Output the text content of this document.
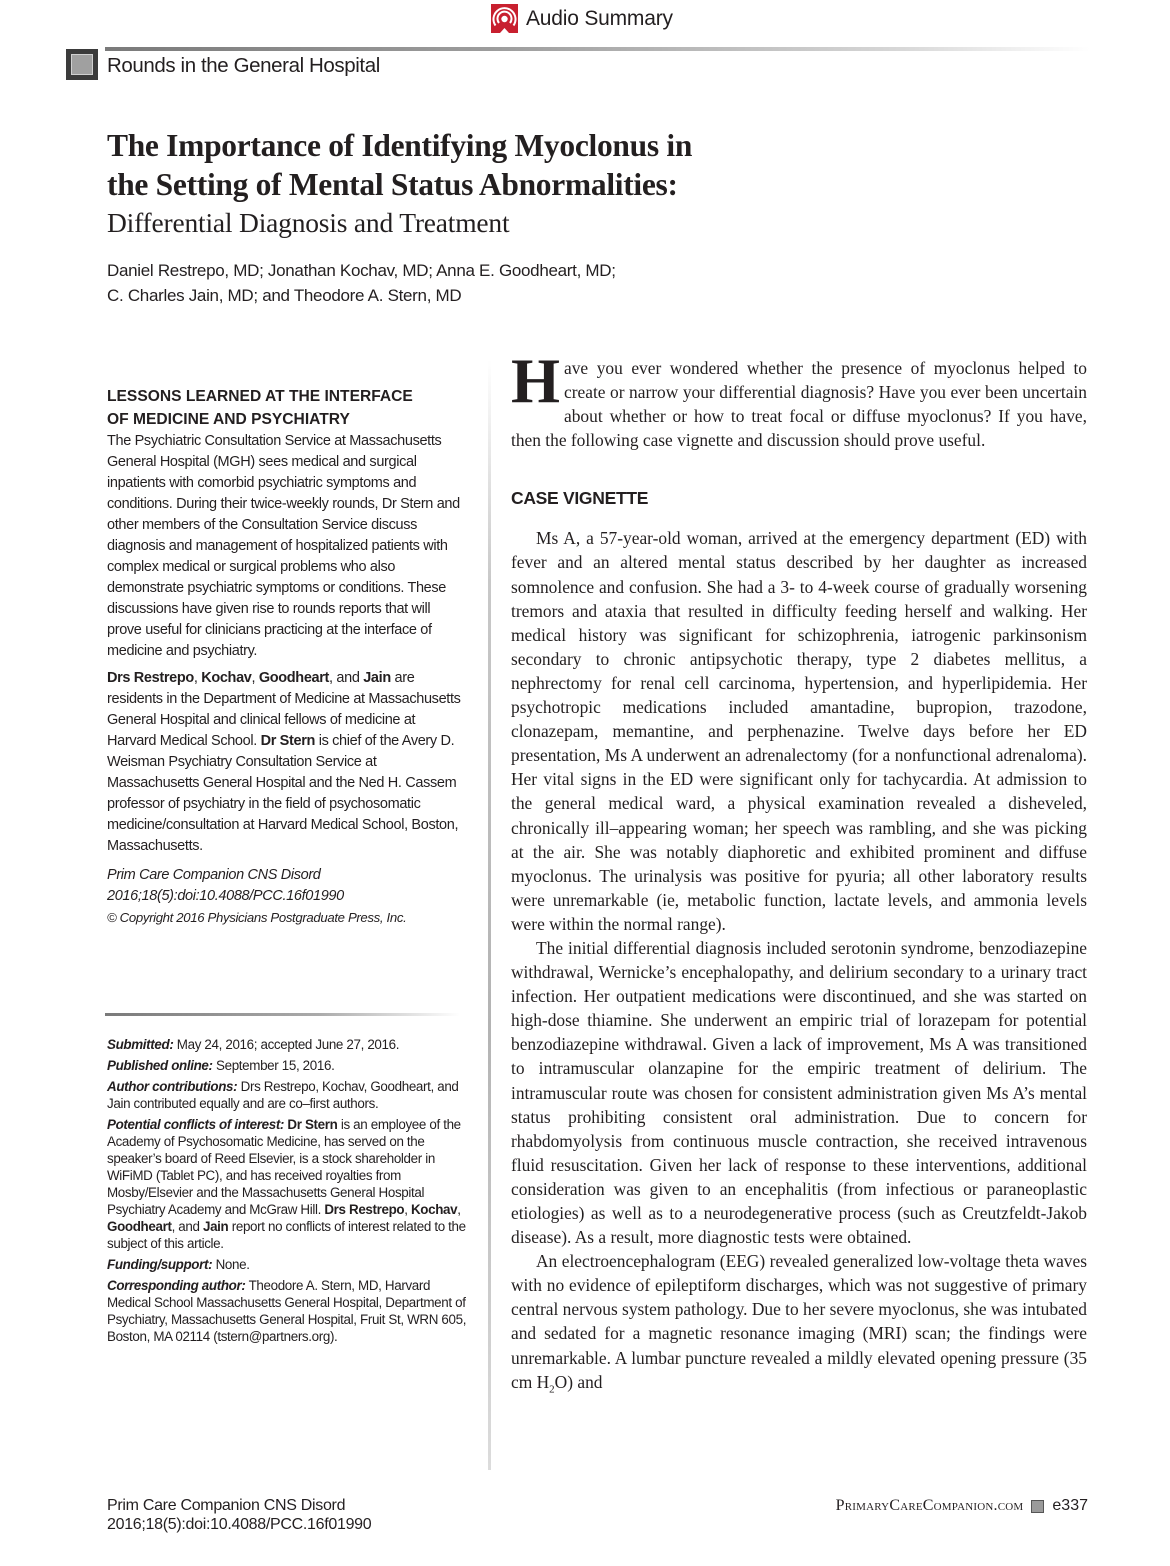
Audio Summary
Rounds in the General Hospital
The Importance of Identifying Myoclonus in
the Setting of Mental Status Abnormalities:
Differential Diagnosis and Treatment
Daniel Restrepo, MD; Jonathan Kochav, MD; Anna E. Goodheart, MD;
C. Charles Jain, MD; and Theodore A. Stern, MD
LESSONS LEARNED AT THE INTERFACE
OF MEDICINE AND PSYCHIATRY

The Psychiatric Consultation Service at Massachusetts General Hospital (MGH) sees medical and surgical inpatients with comorbid psychiatric symptoms and conditions. During their twice-weekly rounds, Dr Stern and other members of the Consultation Service discuss diagnosis and management of hospitalized patients with complex medical or surgical problems who also demonstrate psychiatric symptoms or conditions. These discussions have given rise to rounds reports that will prove useful for clinicians practicing at the interface of medicine and psychiatry.

Drs Restrepo, Kochav, Goodheart, and Jain are residents in the Department of Medicine at Massachusetts General Hospital and clinical fellows of medicine at Harvard Medical School. Dr Stern is chief of the Avery D. Weisman Psychiatry Consultation Service at Massachusetts General Hospital and the Ned H. Cassem professor of psychiatry in the field of psychosomatic medicine/consultation at Harvard Medical School, Boston, Massachusetts.

Prim Care Companion CNS Disord
2016;18(5):doi:10.4088/PCC.16f01990
© Copyright 2016 Physicians Postgraduate Press, Inc.

Submitted: May 24, 2016; accepted June 27, 2016.

Published online: September 15, 2016.

Author contributions: Drs Restrepo, Kochav, Goodheart, and Jain contributed equally and are co–first authors.

Potential conflicts of interest: Dr Stern is an employee of the Academy of Psychosomatic Medicine, has served on the speaker’s board of Reed Elsevier, is a stock shareholder in WiFiMD (Tablet PC), and has received royalties from Mosby/Elsevier and the Massachusetts General Hospital Psychiatry Academy and McGraw Hill. Drs Restrepo, Kochav, Goodheart, and Jain report no conflicts of interest related to the subject of this article.

Funding/support: None.

Corresponding author: Theodore A. Stern, MD, Harvard Medical School Massachusetts General Hospital, Department of Psychiatry, Massachusetts General Hospital, Fruit St, WRN 605, Boston, MA 02114 (tstern@partners.org).

Have you ever wondered whether the presence of myoclonus helped to create or narrow your differential diagnosis? Have you ever been uncertain about whether or how to treat focal or diffuse myoclonus? If you have, then the following case vignette and discussion should prove useful.

CASE VIGNETTE

Ms A, a 57-year-old woman, arrived at the emergency department (ED) with fever and an altered mental status described by her daughter as increased somnolence and confusion. She had a 3- to 4-week course of gradually worsening tremors and ataxia that resulted in difficulty feeding herself and walking. Her medical history was significant for schizophrenia, iatrogenic parkinsonism secondary to chronic antipsychotic therapy, type 2 diabetes mellitus, a nephrectomy for renal cell carcinoma, hypertension, and hyperlipidemia. Her psychotropic medications included amantadine, bupropion, trazodone, clonazepam, memantine, and perphenazine. Twelve days before her ED presentation, Ms A underwent an adrenalectomy (for a nonfunctional adrenaloma). Her vital signs in the ED were significant only for tachycardia. At admission to the general medical ward, a physical examination revealed a disheveled, chronically ill–appearing woman; her speech was rambling, and she was picking at the air. She was notably diaphoretic and exhibited prominent and diffuse myoclonus. The urinalysis was positive for pyuria; all other laboratory results were unremarkable (ie, metabolic function, lactate levels, and ammonia levels were within the normal range).

The initial differential diagnosis included serotonin syndrome, benzodiazepine withdrawal, Wernicke’s encephalopathy, and delirium secondary to a urinary tract infection. Her outpatient medications were discontinued, and she was started on high-dose thiamine. She underwent an empiric trial of lorazepam for potential benzodiazepine withdrawal. Given a lack of improvement, Ms A was transitioned to intramuscular olanzapine for the empiric treatment of delirium. The intramuscular route was chosen for consistent administration given Ms A’s mental status prohibiting consistent oral administration. Due to concern for rhabdomyolysis from continuous muscle contraction, she received intravenous fluid resuscitation. Given her lack of response to these interventions, additional consideration was given to an encephalitis (from infectious or paraneoplastic etiologies) as well as to a neurodegenerative process (such as Creutzfeldt-Jakob disease). As a result, more diagnostic tests were obtained.

An electroencephalogram (EEG) revealed generalized low-voltage theta waves with no evidence of epileptiform discharges, which was not suggestive of primary central nervous system pathology. Due to her severe myoclonus, she was intubated and sedated for a magnetic resonance imaging (MRI) scan; the findings were unremarkable. A lumbar puncture revealed a mildly elevated opening pressure (35 cm $H_2O$) and

Prim Care Companion CNS Disord
2016;18(5):doi:10.4088/PCC.16f01990
PrimaryCareCompanion.com e337
